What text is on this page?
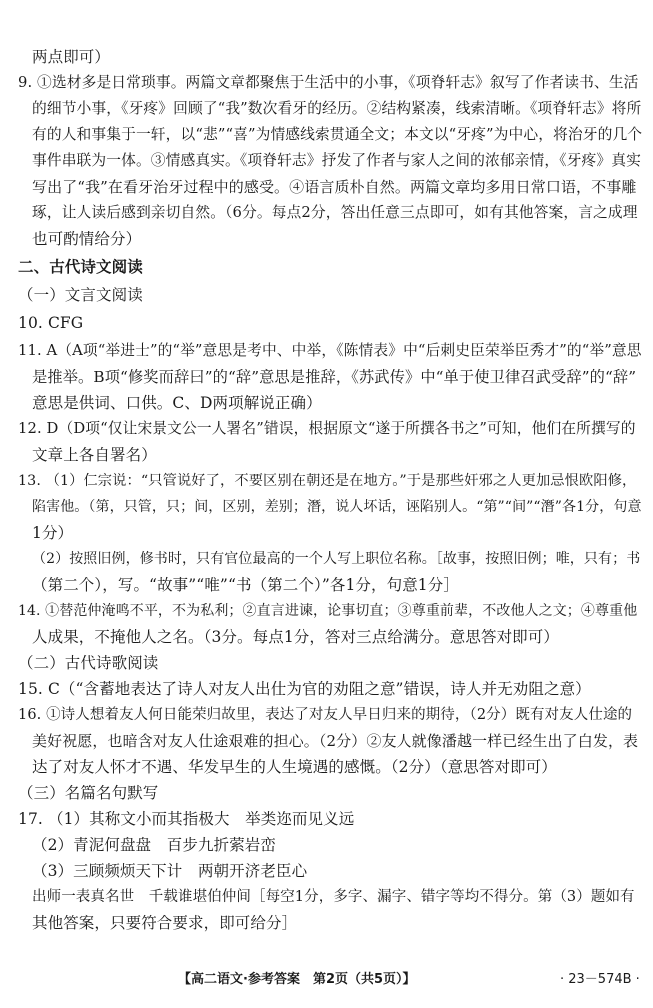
两点即可）
9. ①选材多是日常琐事。两篇文章都聚焦于生活中的小事，《项脊轩志》叙写了作者读书、生活
的细节小事，《牙疼》回顾了“我”数次看牙的经历。②结构紧凑，线索清晰。《项脊轩志》将所
有的人和事集于一轩，以“悲”“喜”为情感线索贯通全文；本文以“牙疼”为中心，将治牙的几个
事件串联为一体。③情感真实。《项脊轩志》抒发了作者与家人之间的浓郁亲情，《牙疼》真实
写出了“我”在看牙治牙过程中的感受。④语言质朴自然。两篇文章均多用日常口语，不事雕
琢，让人读后感到亲切自然。（6分。每点2分，答出任意三点即可，如有其他答案，言之成理
也可酌情给分）
二、古代诗文阅读
（一）文言文阅读
10. CFG
11. A（A项“举进士”的“举”意思是考中、中举，《陈情表》中“后刺史臣荣举臣秀才”的“举”意思
是推举。B项“修奖而辞曰”的“辞”意思是推辞，《苏武传》中“单于使卫律召武受辞”的“辞”
意思是供词、口供。C、D两项解说正确）
12. D（D项“仅让宋景文公一人署名”错误，根据原文“遂于所撰各书之”可知，他们在所撰写的
文章上各自署名）
13. （1）仁宗说：“只管说好了，不要区别在朝还是在地方。”于是那些奸邪之人更加忌恨欧阳修，
陷害他。（第，只管，只；间，区别，差别；潛，说人坏话，诬陷别人。“第”“间”“潛”各1分，句意
1分）
（2）按照旧例，修书时，只有官位最高的一个人写上职位名称。［故事，按照旧例；唯，只有；书
（第二个），写。“故事”“唯”“书（第二个）”各1分，句意1分］
14. ①替范仲淹鸣不平，不为私利；②直言进谏，论事切直；③尊重前辈，不改他人之文；④尊重他
人成果，不掩他人之名。（3分。每点1分，答对三点给满分。意思答对即可）
（二）古代诗歌阅读
15. C（“含蓄地表达了诗人对友人出仕为官的劝阻之意”错误，诗人并无劝阻之意）
16. ①诗人想着友人何日能荣归故里，表达了对友人早日归来的期待，（2分）既有对友人仕途的
美好祝愿，也暗含对友人仕途艰难的担心。（2分）②友人就像潘越一样已经生出了白发，表
达了对友人怀才不遇、华发早生的人生境遇的感慨。（2分）（意思答对即可）
（三）名篇名句默写
17. （1）其称文小而其指极大　举类迩而见义远
（2）青泥何盘盘　百步九折萦岩峦
（3）三顾频烦天下计　两朝开济老臣心
出师一表真名世　千载谁堪伯仲间［每空1分，多字、漏字、错字等均不得分。第（3）题如有
其他答案，只要符合要求，即可给分］
【高二语文·参考答案　第2页（共5页）】	· 23－574B ·
